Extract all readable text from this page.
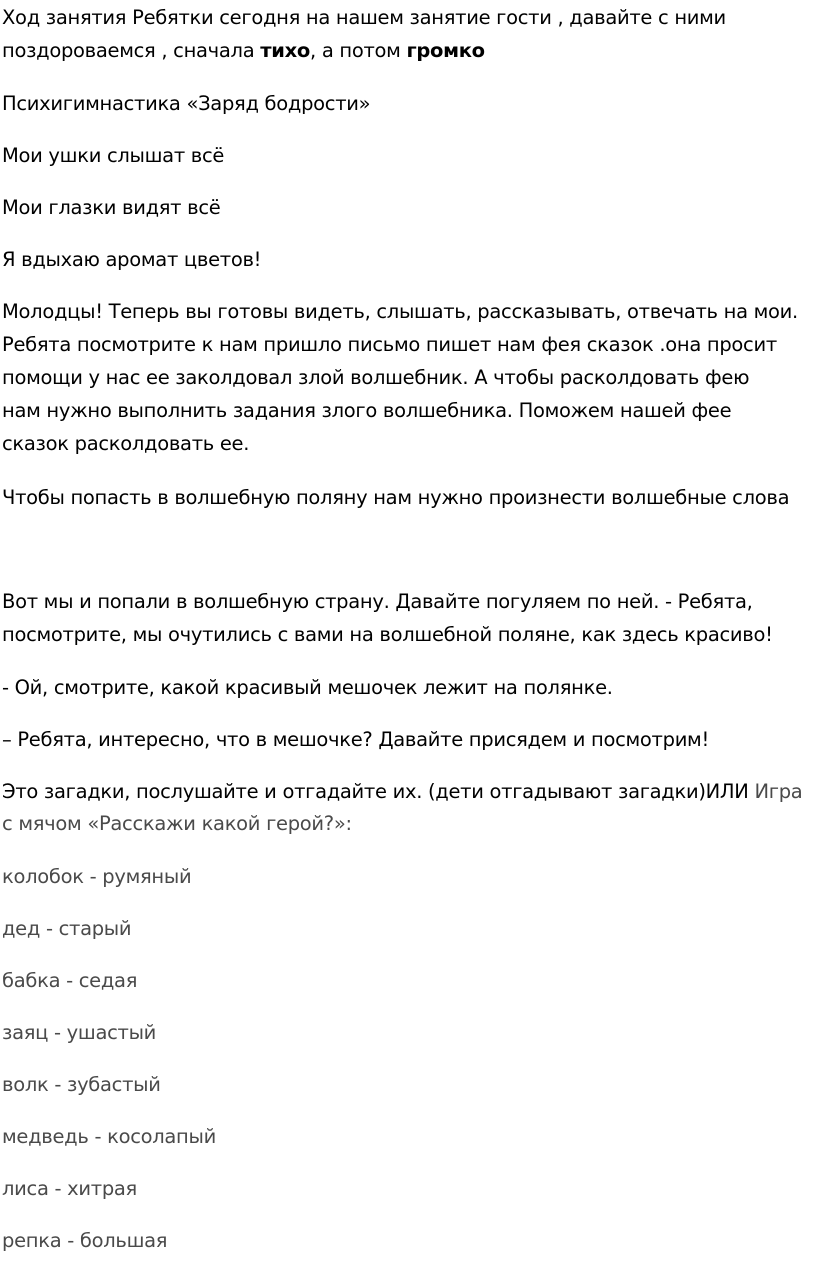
Ход занятия Ребятки сегодня на нашем занятие гости , давайте с ними
поздороваемся , сначала тихо, а потом громко
Психигимнастика «Заряд бодрости»
Мои ушки слышат всё
Мои глазки видят всё
Я вдыхаю аромат цветов!
Молодцы! Теперь вы готовы видеть, слышать, рассказывать, отвечать на мои.
Ребята посмотрите к нам пришло письмо пишет нам фея сказок .она просит
помощи у нас ее заколдовал злой волшебник. А чтобы расколдовать фею
нам нужно выполнить задания злого волшебника. Поможем нашей фее
сказок расколдовать ее.
Чтобы попасть в волшебную поляну нам нужно произнести волшебные слова
Вот мы и попали в волшебную страну. Давайте погуляем по ней. - Ребята,
посмотрите, мы очутились с вами на волшебной поляне, как здесь красиво!
- Ой, смотрите, какой красивый мешочек лежит на полянке.
– Ребята, интересно, что в мешочке? Давайте присядем и посмотрим!
Это загадки, послушайте и отгадайте их. (дети отгадывают загадки)ИЛИ Игра
с мячом «Расскажи какой герой?»:
колобок - румяный
дед - старый
бабка - седая
заяц - ушастый
волк - зубастый
медведь - косолапый
лиса - хитрая
репка - большая
